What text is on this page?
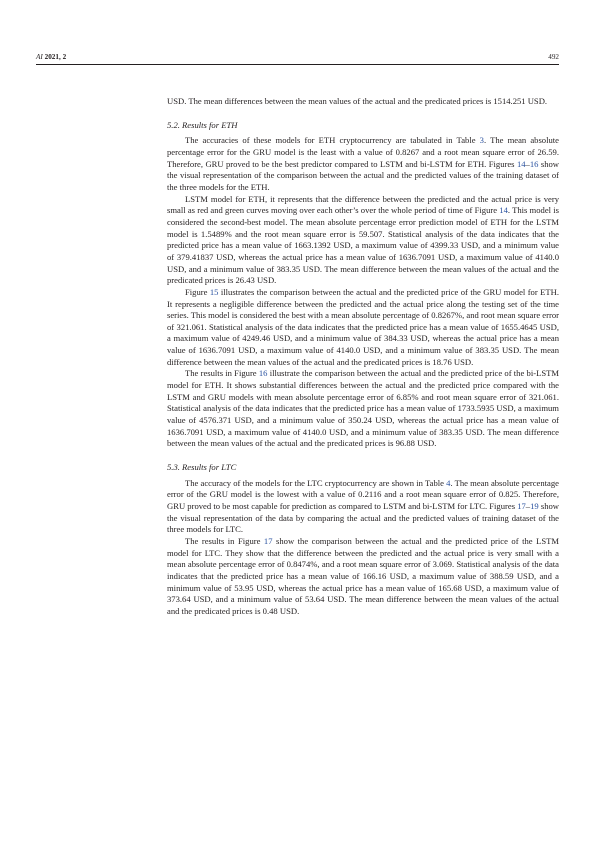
AI 2021, 2	492

USD. The mean differences between the mean values of the actual and the predicated prices is 1514.251 USD.

5.2. Results for ETH

The accuracies of these models for ETH cryptocurrency are tabulated in Table 3. The mean absolute percentage error for the GRU model is the least with a value of 0.8267 and a root mean square error of 26.59. Therefore, GRU proved to be the best predictor compared to LSTM and bi-LSTM for ETH. Figures 14–16 show the visual representation of the comparison between the actual and the predicted values of the training dataset of the three models for the ETH.

LSTM model for ETH, it represents that the difference between the predicted and the actual price is very small as red and green curves moving over each other’s over the whole period of time of Figure 14. This model is considered the second-best model. The mean absolute percentage error prediction model of ETH for the LSTM model is 1.5489% and the root mean square error is 59.507. Statistical analysis of the data indicates that the predicted price has a mean value of 1663.1392 USD, a maximum value of 4399.33 USD, and a minimum value of 379.41837 USD, whereas the actual price has a mean value of 1636.7091 USD, a maximum value of 4140.0 USD, and a minimum value of 383.35 USD. The mean difference between the mean values of the actual and the predicated prices is 26.43 USD.

Figure 15 illustrates the comparison between the actual and the predicted price of the GRU model for ETH. It represents a negligible difference between the predicted and the actual price along the testing set of the time series. This model is considered the best with a mean absolute percentage of 0.8267%, and root mean square error of 321.061. Statistical analysis of the data indicates that the predicted price has a mean value of 1655.4645 USD, a maximum value of 4249.46 USD, and a minimum value of 384.33 USD, whereas the actual price has a mean value of 1636.7091 USD, a maximum value of 4140.0 USD, and a minimum value of 383.35 USD. The mean difference between the mean values of the actual and the predicated prices is 18.76 USD.

The results in Figure 16 illustrate the comparison between the actual and the predicted price of the bi-LSTM model for ETH. It shows substantial differences between the actual and the predicted price compared with the LSTM and GRU models with mean absolute percentage error of 6.85% and root mean square error of 321.061. Statistical analysis of the data indicates that the predicted price has a mean value of 1733.5935 USD, a maximum value of 4576.371 USD, and a minimum value of 350.24 USD, whereas the actual price has a mean value of 1636.7091 USD, a maximum value of 4140.0 USD, and a minimum value of 383.35 USD. The mean difference between the mean values of the actual and the predicated prices is 96.88 USD.

5.3. Results for LTC

The accuracy of the models for the LTC cryptocurrency are shown in Table 4. The mean absolute percentage error of the GRU model is the lowest with a value of 0.2116 and a root mean square error of 0.825. Therefore, GRU proved to be most capable for prediction as compared to LSTM and bi-LSTM for LTC. Figures 17–19 show the visual representation of the data by comparing the actual and the predicted values of training dataset of the three models for LTC.

The results in Figure 17 show the comparison between the actual and the predicted price of the LSTM model for LTC. They show that the difference between the predicted and the actual price is very small with a mean absolute percentage error of 0.8474%, and a root mean square error of 3.069. Statistical analysis of the data indicates that the predicted price has a mean value of 166.16 USD, a maximum value of 388.59 USD, and a minimum value of 53.95 USD, whereas the actual price has a mean value of 165.68 USD, a maximum value of 373.64 USD, and a minimum value of 53.64 USD. The mean difference between the mean values of the actual and the predicated prices is 0.48 USD.
